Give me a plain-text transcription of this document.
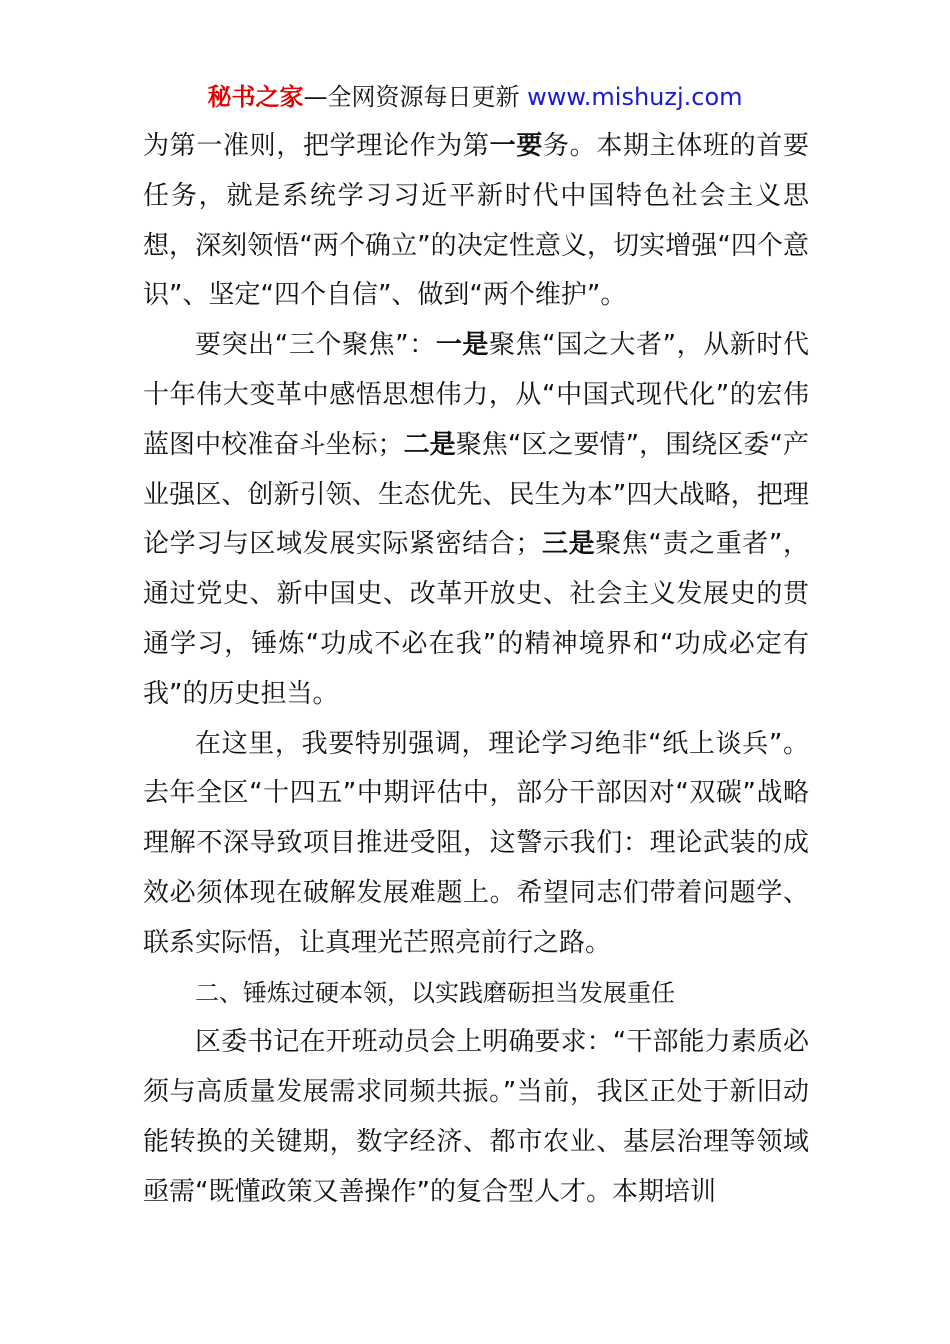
秘书之家—全网资源每日更新 www.mishuzj.com

为第一准则，把学理论作为第一要务。本期主体班的首要任务，就是系统学习习近平新时代中国特色社会主义思想，深刻领悟“两个确立”的决定性意义，切实增强“四个意识”、坚定“四个自信”、做到“两个维护”。

要突出“三个聚焦”：一是聚焦“国之大者”，从新时代十年伟大变革中感悟思想伟力，从“中国式现代化”的宏伟蓝图中校准奋斗坐标；二是聚焦“区之要情”，围绕区委“产业强区、创新引领、生态优先、民生为本”四大战略，把理论学习与区域发展实际紧密结合；三是聚焦“责之重者”，通过党史、新中国史、改革开放史、社会主义发展史的贯通学习，锤炼“功成不必在我”的精神境界和“功成必定有我”的历史担当。

在这里，我要特别强调，理论学习绝非“纸上谈兵”。去年全区“十四五”中期评估中，部分干部因对“双碳”战略理解不深导致项目推进受阻，这警示我们：理论武装的成效必须体现在破解发展难题上。希望同志们带着问题学、联系实际悟，让真理光芒照亮前行之路。

二、锤炼过硬本领，以实践磨砺担当发展重任

区委书记在开班动员会上明确要求：“干部能力素质必须与高质量发展需求同频共振。”当前，我区正处于新旧动能转换的关键期，数字经济、都市农业、基层治理等领域亟需“既懂政策又善操作”的复合型人才。本期培训
